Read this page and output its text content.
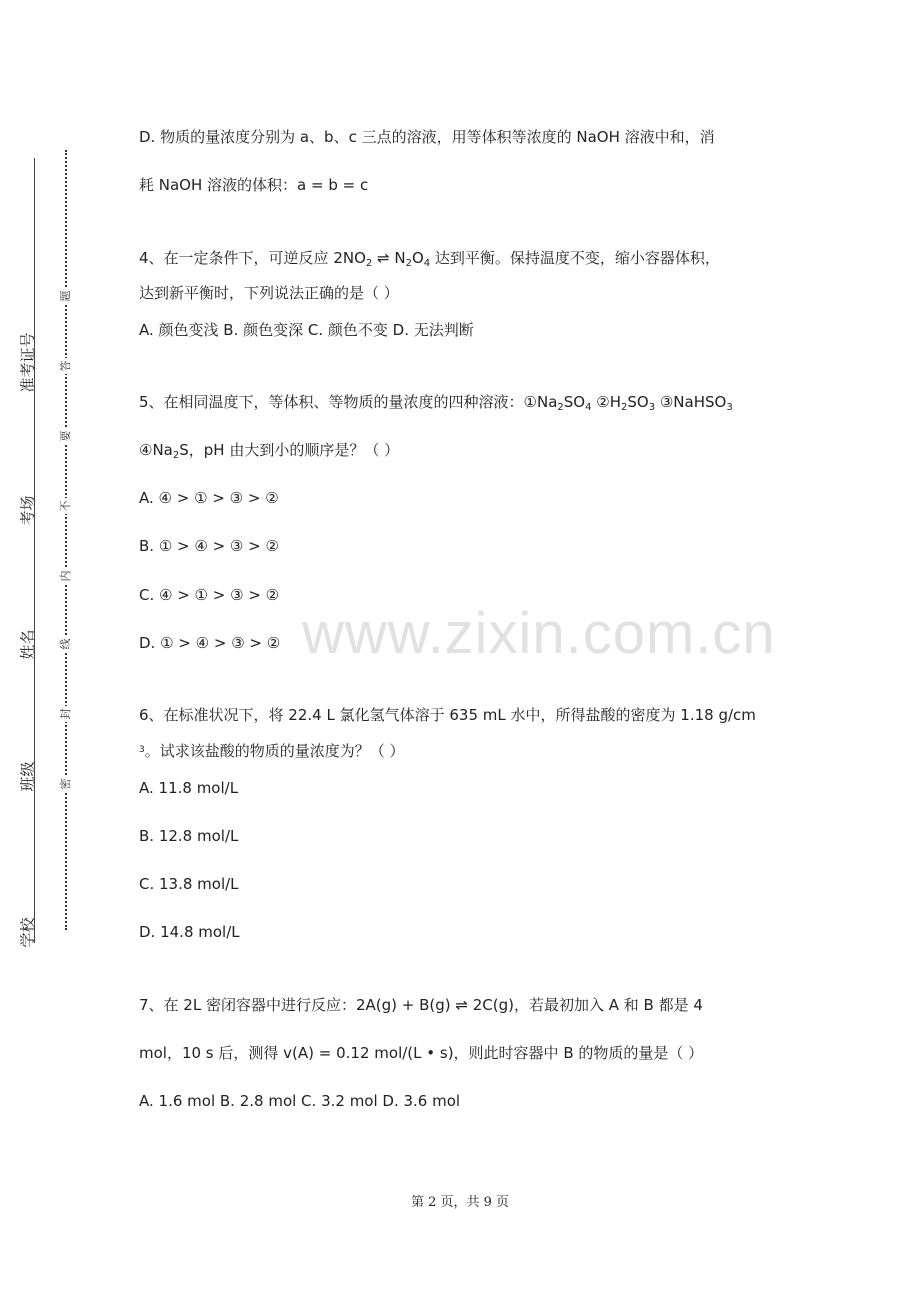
准考证号
考场
姓名
班级
学校
题
答
要
不
内
线
封
密
D. 物质的量浓度分别为 a、b、c 三点的溶液，用等体积等浓度的 NaOH 溶液中和，消
耗 NaOH 溶液的体积：a = b = c
4、在一定条件下，可逆反应 $2NO_2$ ⇌ $N_2O_4$ 达到平衡。保持温度不变，缩小容器体积，
达到新平衡时，下列说法正确的是（ ）
A. 颜色变浅 B. 颜色变深 C. 颜色不变 D. 无法判断
5、在相同温度下，等体积、等物质的量浓度的四种溶液：$①Na_2SO_4$ $②H_2SO_3$ ③NaHSO$_3$
$④Na_2S$，pH 由大到小的顺序是？（ ）
A. ④ > ① > ③ > ②
B. ① > ④ > ③ > ②
C. ④ > ① > ③ > ②
D. ① > ④ > ③ > ② www.zixin.com.cn
6、在标准状况下，将 22.4 L 氯化氢气体溶于 635 mL 水中，所得盐酸的密度为 1.18 g/cm
$^3$。试求该盐酸的物质的量浓度为？（ ）
A. 11.8 mol/L
B. 12.8 mol/L
C. 13.8 mol/L
D. 14.8 mol/L
7、在 2L 密闭容器中进行反应：2A(g) + B(g) ⇌ 2C(g)，若最初加入 A 和 B 都是 4
mol，10 s 后，测得 v(A) = 0.12 mol/(L • s)，则此时容器中 B 的物质的量是（ ）
A. 1.6 mol B. 2.8 mol C. 3.2 mol D. 3.6 mol
第 2 页，共 9 页
